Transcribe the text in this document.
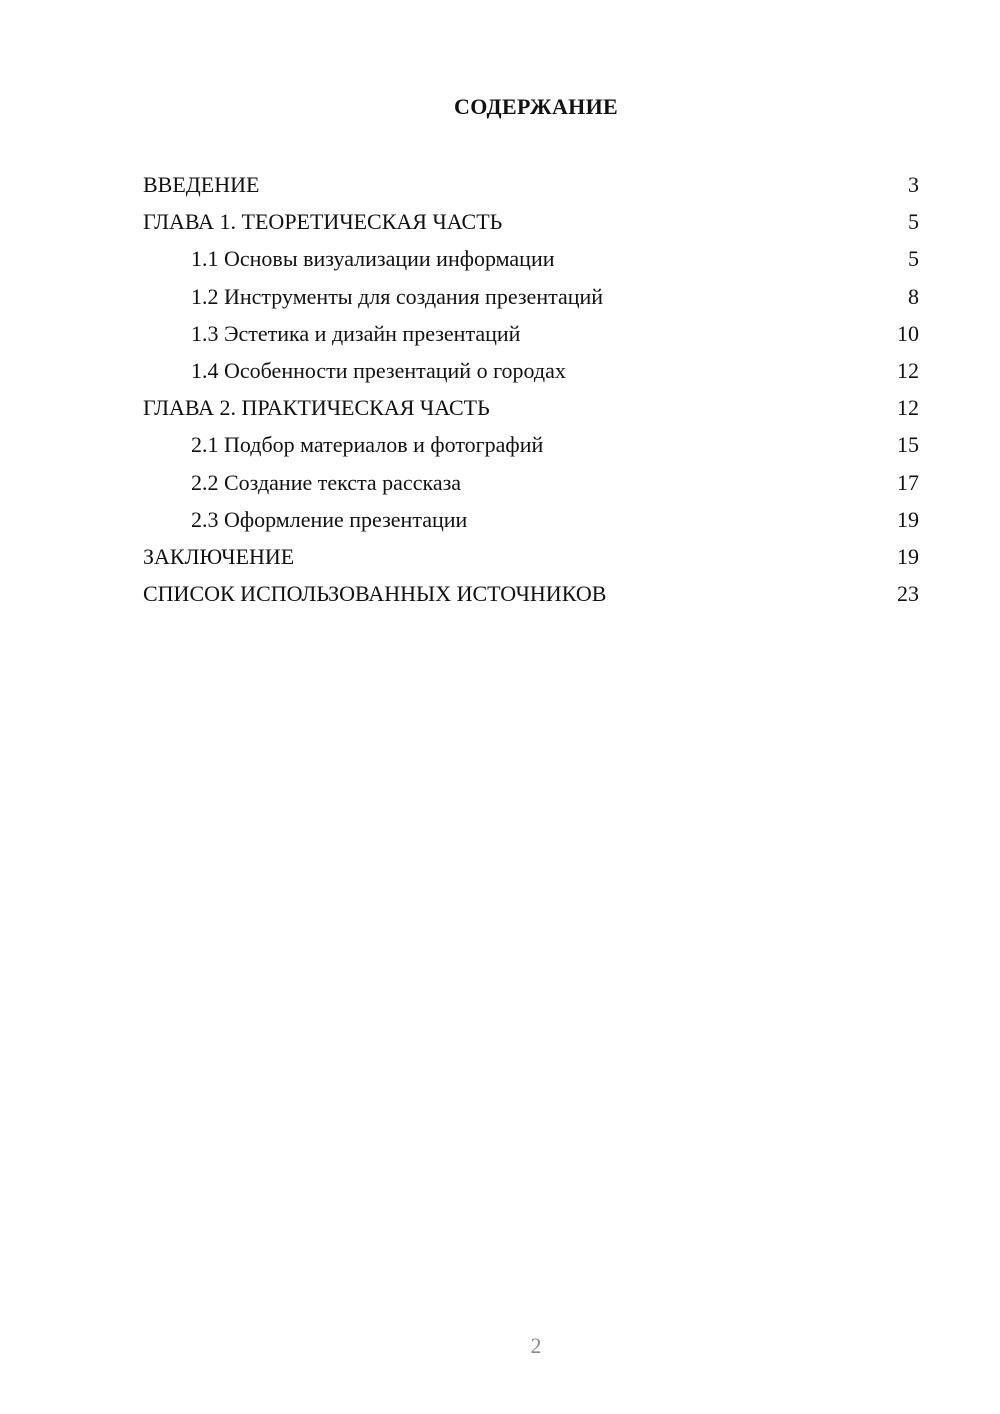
СОДЕРЖАНИЕ
ВВЕДЕНИЕ	3
ГЛАВА 1. ТЕОРЕТИЧЕСКАЯ ЧАСТЬ	5
1.1 Основы визуализации информации	5
1.2 Инструменты для создания презентаций	8
1.3 Эстетика и дизайн презентаций	10
1.4 Особенности презентаций о городах	12
ГЛАВА 2. ПРАКТИЧЕСКАЯ ЧАСТЬ	12
2.1 Подбор материалов и фотографий	15
2.2 Создание текста рассказа	17
2.3 Оформление презентации	19
ЗАКЛЮЧЕНИЕ	19
СПИСОК ИСПОЛЬЗОВАННЫХ ИСТОЧНИКОВ	23
2
